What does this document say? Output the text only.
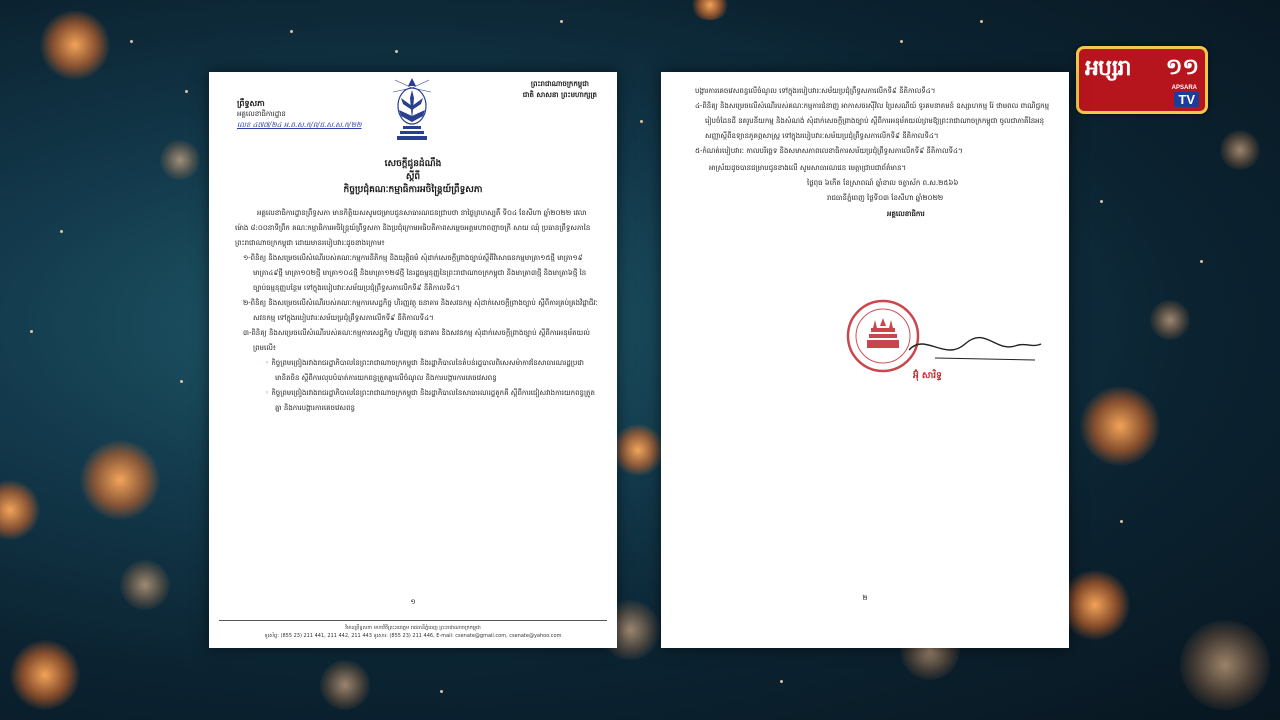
អប្សរា ១១
APSARA
TV
ព្រឹទ្ធសភា
អគ្គលេខាធិការដ្ឋាន
លេខ ៤៧៧/២៤ អ.ព.ស.ក/ព/ជ.ស.ស.ក/២២
ព្រះរាជាណាចក្រកម្ពុជា
ជាតិ សាសនា ព្រះមហាក្សត្រ
សេចក្តីជូនដំណឹង
ស្តីពី
កិច្ចប្រជុំគណៈកម្មាធិការអចិន្ត្រៃយ៍ព្រឹទ្ធសភា
អគ្គលេខាធិការដ្ឋានព្រឹទ្ធសភា មានកិត្តិយសសូមជម្រាបជូនសាធារណជនជ្រាបថា នាថ្ងៃព្រហស្បតិ៍ ទី០៤ ខែសីហា ឆ្នាំ២០២២ វេលាម៉ោង ៨:០០នាទីព្រឹក គណៈកម្មាធិការអចិន្ត្រៃយ៍ព្រឹទ្ធសភា និងប្រជុំក្រោមអធិបតីភាពសម្តេចអគ្គមហាពញាចក្រី សាយ ឈុំ ប្រធានព្រឹទ្ធសភានៃព្រះរាជាណាចក្រកម្ពុជា ដោយមានរបៀបវារៈដូចខាងក្រោម៖
១-ពិនិត្យ និងសម្រេចលើសំណើរបស់គណៈកម្មការនីតិកម្ម និងយុត្តិធម៌ សុំដាក់សេចក្តីព្រាងច្បាប់ស្តីពីវិសោធនកម្មមាត្រា១៥ថ្មី មាត្រា១៩ មាត្រា៤៩ថ្មី មាត្រា១០២ថ្មី មាត្រា១០៤ថ្មី និងមាត្រា១២៨ថ្មី នៃរដ្ឋធម្មនុញ្ញនៃព្រះរាជាណាចក្រកម្ពុជា និងមាត្រា៣ថ្មី និងមាត្រា៦ថ្មី នៃច្បាប់ធម្មនុញ្ញបន្ថែម ទៅក្នុងរបៀបវារៈសម័យប្រជុំព្រឹទ្ធសភាលើកទី៩ នីតិកាលទី៤។
២-ពិនិត្យ និងសម្រេចលើសំណើរបស់គណៈកម្មការសេដ្ឋកិច្ច ហិរញ្ញវត្ថុ ធនាគារ និងសវនកម្ម សុំដាក់សេចក្តីព្រាងច្បាប់ ស្តីពីការគ្រប់គ្រងវិជ្ជាជីវៈសវនកម្ម ទៅក្នុងរបៀបវារៈសម័យប្រជុំព្រឹទ្ធសភាលើកទី៩ នីតិកាលទី៤។
៣-ពិនិត្យ និងសម្រេចលើសំណើរបស់គណៈកម្មការសេដ្ឋកិច្ច ហិរញ្ញវត្ថុ ធនាគារ និងសវនកម្ម សុំដាក់សេចក្តីព្រាងច្បាប់ ស្តីពីការអនុម័តយល់ព្រមលើ៖
◦ កិច្ចព្រមព្រៀងរវាងរាជរដ្ឋាភិបាលនៃព្រះរាជាណាចក្រកម្ពុជា និងរដ្ឋាភិបាលនៃតំបន់រដ្ឋបាលពិសេសម៉ាកាវនៃសាធារណរដ្ឋប្រជាមានិតចិន ស្តីពីការលុបបំបាត់ការយកពន្ធត្រួតគ្នាលើចំណូល និងការបង្ការការគេចវេសពន្ធ
◦ កិច្ចព្រមព្រៀងរវាងរាជរដ្ឋាភិបាលនៃព្រះរាជាណាចក្រកម្ពុជា និងរដ្ឋាភិបាលនៃសាធារណរដ្ឋតួកគី ស្តីពីការជៀសវាងការយកពន្ធត្រួតគ្នា និងការបង្ការការគេចវេសពន្ធ
១
វិមានព្រឹទ្ធសភា មហាវិថីព្រះនរោត្តម រាជធានីភ្នំពេញ ព្រះរាជាណាចក្រកម្ពុជា
ទូរស័ព្ទ: (855 23) 211 441, 211 442, 211 443 ទូរសារ: (855 23) 211 446, E-mail: csenate@gmail.com, csenate@yahoo.com
បង្ការការគេចវេសពន្ធលើចំណូល ទៅក្នុងរបៀបវារៈសម័យប្រជុំព្រឹទ្ធសភាលើកទី៩ នីតិកាលទី៤។
៤-ពិនិត្យ និងសម្រេចលើសំណើរបស់គណៈកម្មការជំនាញ អាកាសចរស៊ីវិល ប្រៃសណីយ៍ ទូរគមនាគមន៍ ឧស្សាហកម្ម រ៉ែ ថាមពល ពាណិជ្ជកម្ម រៀបចំដែនដី នគរូបនីយកម្ម និងសំណង់ សុំដាក់សេចក្តីព្រាងច្បាប់ ស្តីពីការអនុម័តយល់ព្រមឱ្យព្រះរាជាណាចក្រកម្ពុជា ចូលជាភាគីនៃអនុសញ្ញាស្តីពីឧទ្យានភូគព្ភសាស្ត្រ ទៅក្នុងរបៀបវារៈសម័យប្រជុំព្រឹទ្ធសភាលើកទី៩ នីតិកាលទី៤។
៥-កំណត់របៀបវារៈ កាលបរិច្ឆេទ និងសមាសភាពលេខាធិការសម័យប្រជុំព្រឹទ្ធសភាលើកទី៩ នីតិកាលទី៤។
អាស្រ័យដូចបានជម្រាបជូនខាងលើ សូមសាធារណជន មេត្តាជ្រាបជាព័ត៌មាន។
ថ្ងៃពុធ ៦កើត ខែស្រាពណ៍ ឆ្នាំខាល ចត្វាស័ក ព.ស.២៥៦៦
រាជធានីភ្នំពេញ ថ្ងៃទី០៣ ខែសីហា ឆ្នាំ២០២២
អគ្គលេខាធិការ
អ៊ុំ សារិទ្ធ
២
